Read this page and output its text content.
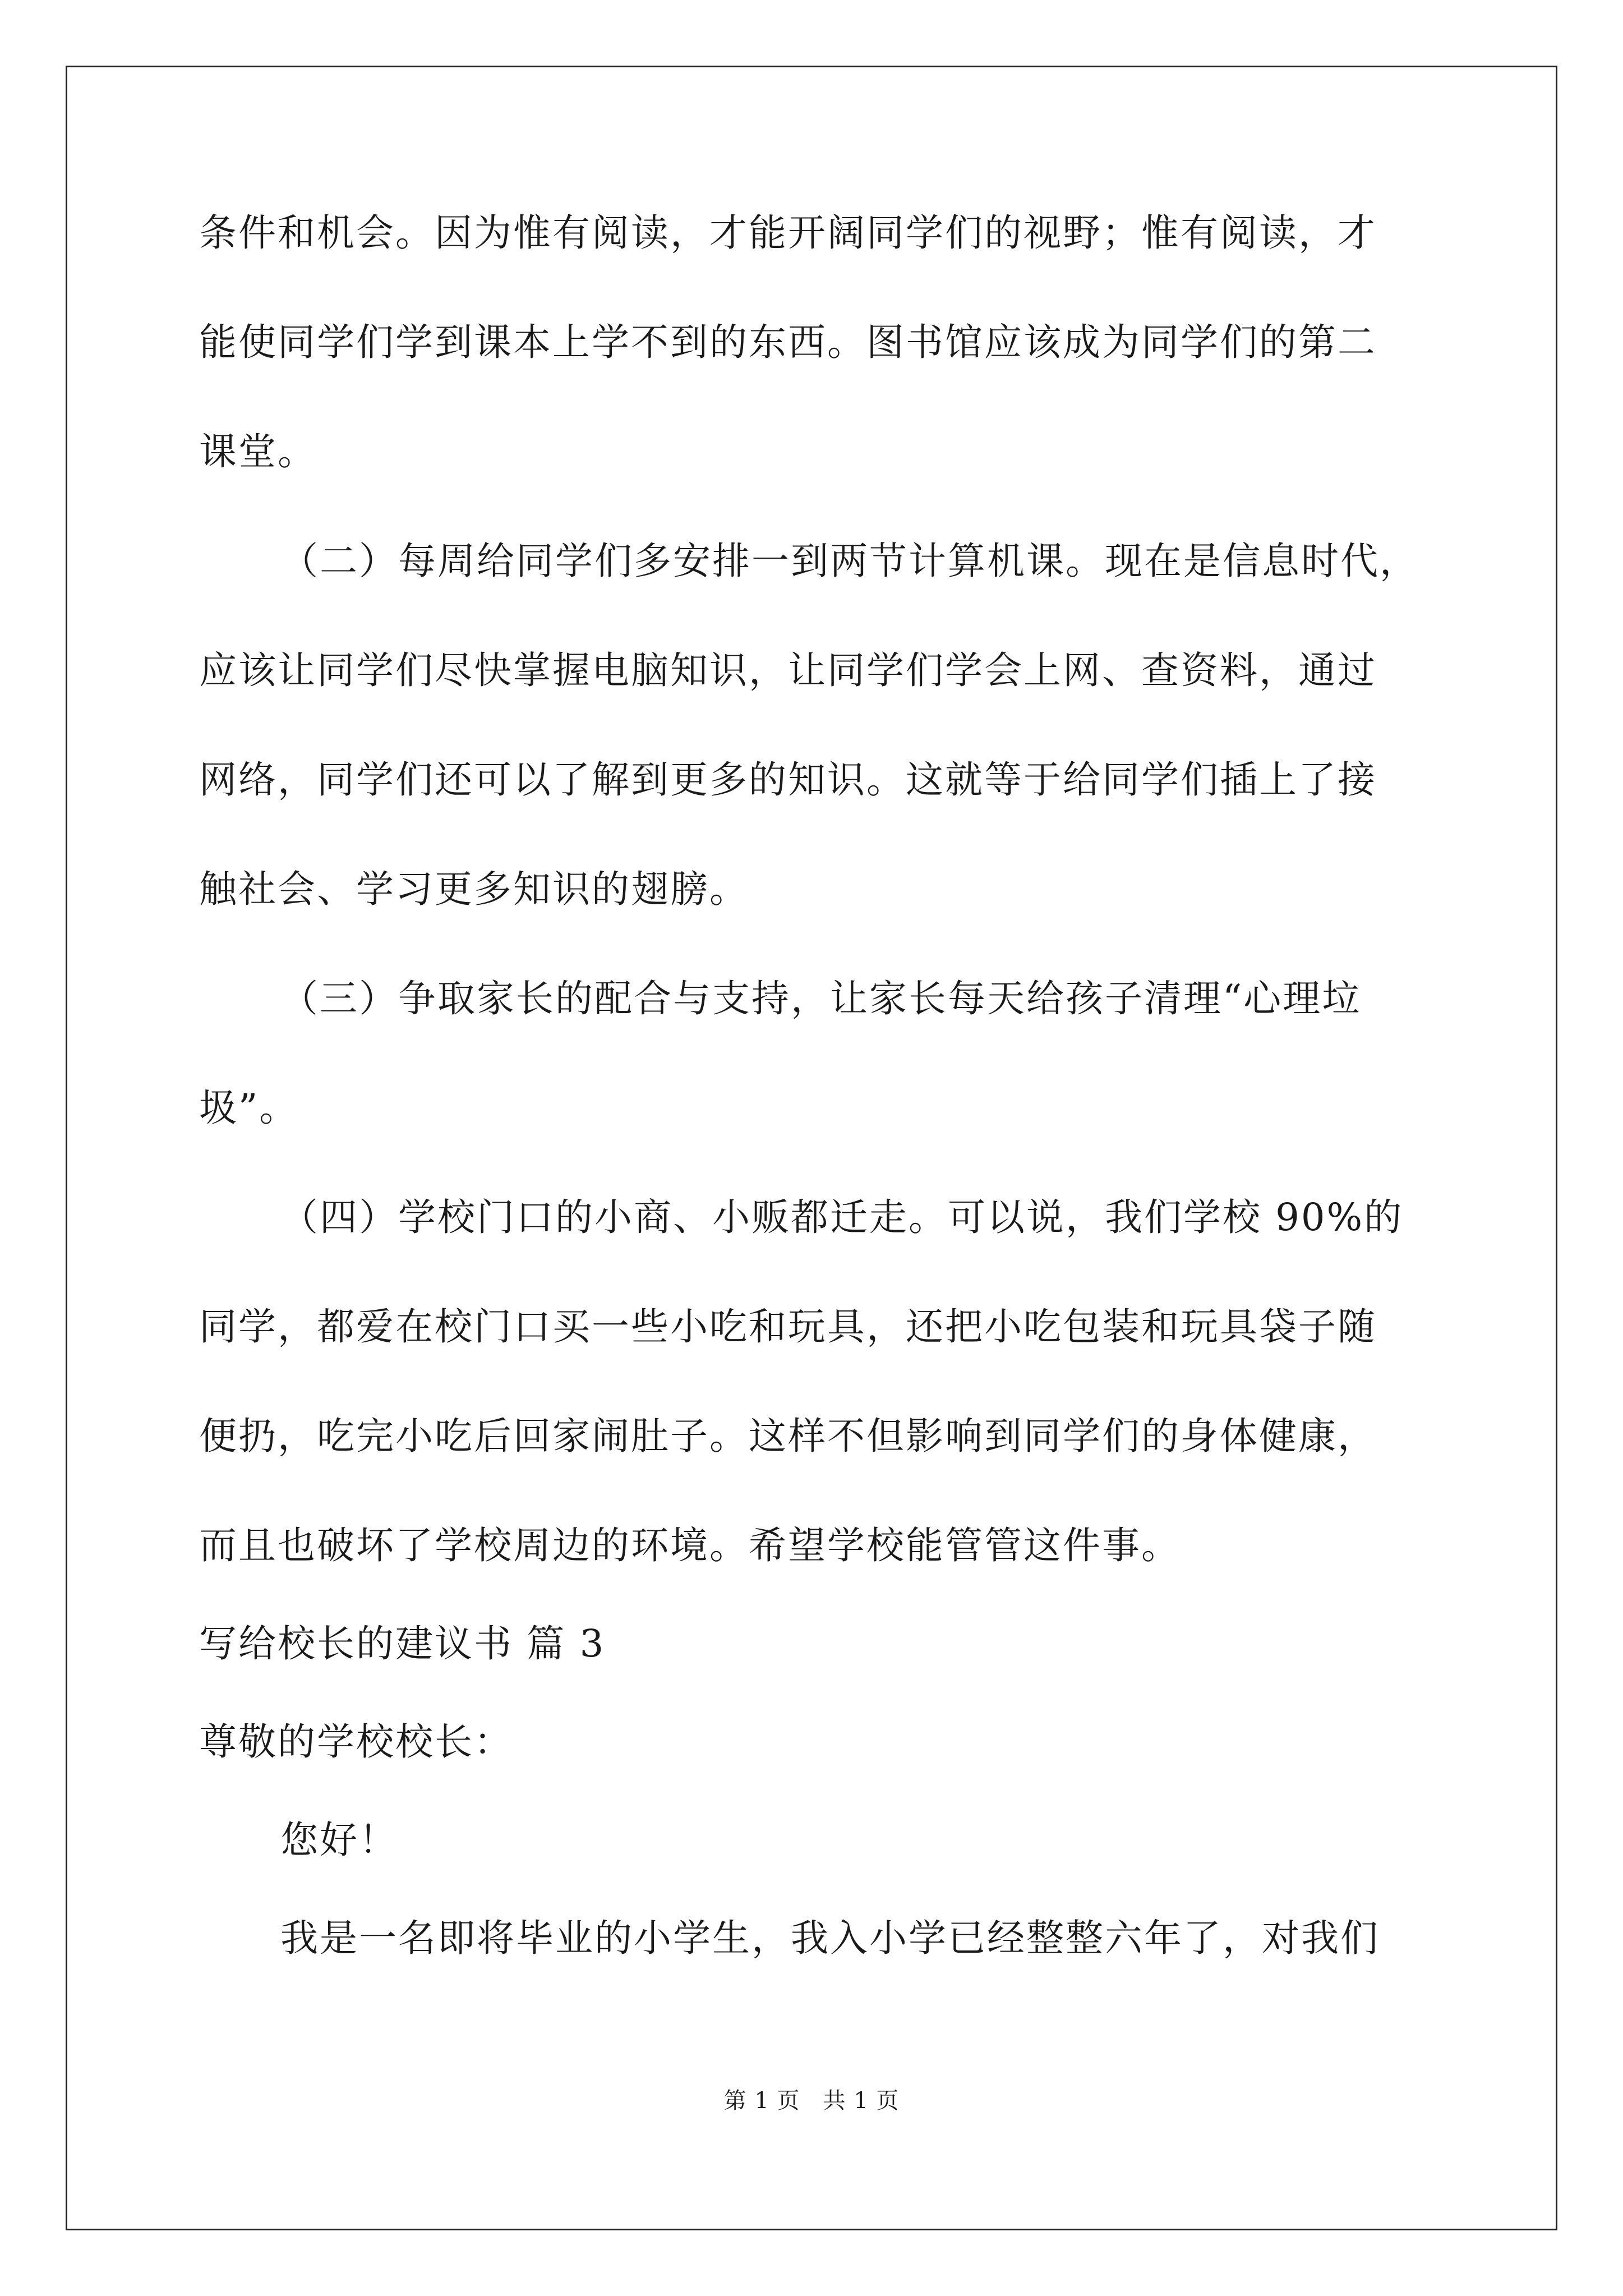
条件和机会。因为惟有阅读，才能开阔同学们的视野；惟有阅读，才
能使同学们学到课本上学不到的东西。图书馆应该成为同学们的第二
课堂。
（二）每周给同学们多安排一到两节计算机课。现在是信息时代，
应该让同学们尽快掌握电脑知识，让同学们学会上网、查资料，通过
网络，同学们还可以了解到更多的知识。这就等于给同学们插上了接
触社会、学习更多知识的翅膀。
（三）争取家长的配合与支持，让家长每天给孩子清理“心理垃
圾”。
（四）学校门口的小商、小贩都迁走。可以说，我们学校 90%的
同学，都爱在校门口买一些小吃和玩具，还把小吃包装和玩具袋子随
便扔，吃完小吃后回家闹肚子。这样不但影响到同学们的身体健康，
而且也破坏了学校周边的环境。希望学校能管管这件事。
写给校长的建议书 篇 3
尊敬的学校校长：
您好！
我是一名即将毕业的小学生，我入小学已经整整六年了，对我们
第 1 页　共 1 页
